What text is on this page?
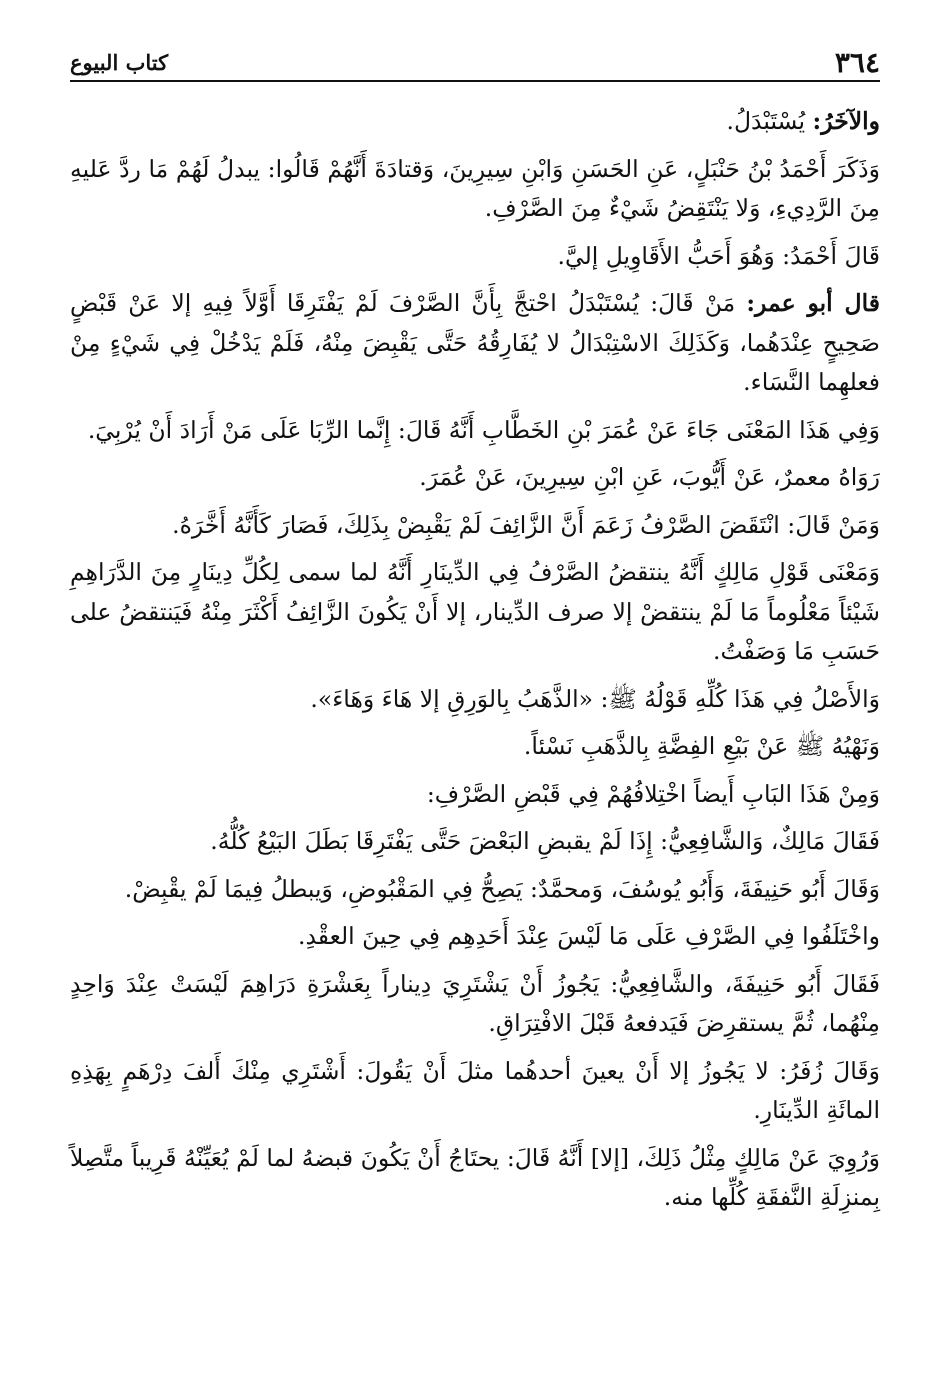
٣٦٤
كتاب البيوع

والآخَرُ: يُسْتَبْدَلُ.

وَذَكَرَ أَحْمَدُ بْنُ حَنْبَلٍ، عَنِ الحَسَنِ وَابْنِ سِيرِينَ، وَقتادَةَ أَنَّهُمْ قَالُوا: يبدلُ لَهُمْ مَا ردَّ عَليهِ مِنَ الرَّدِيءِ، وَلا يَنْتَقِضُ شَيْءٌ مِنَ الصَّرْفِ.

قَالَ أَحْمَدُ: وَهُوَ أَحَبُّ الأَقَاوِيلِ إليَّ.

قال أبو عمر: مَنْ قَالَ: يُسْتَبْدَلُ احْتجَّ بِأَنَّ الصَّرْفَ لَمْ يَفْتَرِقَا أَوَّلاً فِيهِ إلا عَنْ قَبْضٍ صَحِيحٍ عِنْدَهُما، وَكَذَلِكَ الاسْتِبْدَالُ لا يُفَارِقُهُ حَتَّى يَقْبِضَ مِنْهُ، فَلَمْ يَدْخُلْ فِي شَيْءٍ مِنْ فعلهِما النَّسَاء.

وَفِي هَذَا المَعْنَى جَاءَ عَنْ عُمَرَ بْنِ الخَطَّابِ أَنَّهُ قَالَ: إِنَّما الرِّبَا عَلَى مَنْ أَرَادَ أَنْ يُرْبِيَ.

رَوَاهُ معمرٌ، عَنْ أَيُّوبَ، عَنِ ابْنِ سِيرِينَ، عَنْ عُمَرَ.

وَمَنْ قَالَ: انْتَقَضَ الصَّرْفُ زَعَمَ أَنَّ الزَّائِفَ لَمْ يَقْبِضْ بِذَلِكَ، فَصَارَ كَأَنَّهُ أَخَّرَهُ.

وَمَعْنَى قَوْلِ مَالِكٍ أَنَّهُ ينتقضُ الصَّرْفُ فِي الدِّينَارِ أَنَّهُ لما سمى لِكُلِّ دِينَارٍ مِنَ الدَّرَاهِمِ شَيْئاً مَعْلُوماً مَا لَمْ ينتقضْ إلا صرف الدِّينار، إلا أَنْ يَكُونَ الزَّائِفُ أَكْثَرَ مِنْهُ فَيَنتقضُ على حَسَبِ مَا وَصَفْتُ.

وَالأَصْلُ فِي هَذَا كُلِّهِ قَوْلُهُ ﷺ: «الذَّهَبُ بِالوَرِقِ إلا هَاءَ وَهَاءَ».

وَنَهْيُهُ ﷺ عَنْ بَيْعِ الفِضَّةِ بِالذَّهَبِ نَسْئاً.

وَمِنْ هَذَا البَابِ أَيضاً اخْتِلافُهُمْ فِي قَبْضِ الصَّرْفِ:

فَقَالَ مَالِكٌ، وَالشَّافِعِيُّ: إِذَا لَمْ يقبضِ البَعْضَ حَتَّى يَفْتَرِقَا بَطَلَ البَيْعُ كُلُّهُ.

وَقَالَ أَبُو حَنِيفَةَ، وَأَبُو يُوسُفَ، وَمحمَّدٌ: يَصِحُّ فِي المَقْبُوضِ، وَيبطلُ فِيمَا لَمْ يقْبِضْ.

واخْتَلَفُوا فِي الصَّرْفِ عَلَى مَا لَيْسَ عِنْدَ أَحَدِهِم فِي حِينَ العقْدِ.

فَقَالَ أَبُو حَنِيفَةَ، والشَّافِعِيُّ: يَجُوزُ أَنْ يَشْتَرِيَ دِيناراً بِعَشْرَةِ دَرَاهِمَ لَيْسَتْ عِنْدَ وَاحِدٍ مِنْهُما، ثُمَّ يستقرِضَ فَيَدفعهُ قَبْلَ الافْتِرَاقِ.

وَقَالَ زُفَرُ: لا يَجُوزُ إلا أَنْ يعينَ أحدهُما مثلَ أَنْ يَقُولَ: أَشْتَرِي مِنْكَ أَلفَ دِرْهَمٍ بِهَذِهِ المائَةِ الدِّينَارِ.

وَرُوِيَ عَنْ مَالِكٍ مِثْلُ ذَلِكَ، [إلا] أَنَّهُ قَالَ: يحتَاجُ أَنْ يَكُونَ قبضهُ لما لَمْ يُعَيِّنْهُ قَرِيباً متَّصِلاً بِمنزِلَةِ النَّفقَةِ كُلِّها منه.
